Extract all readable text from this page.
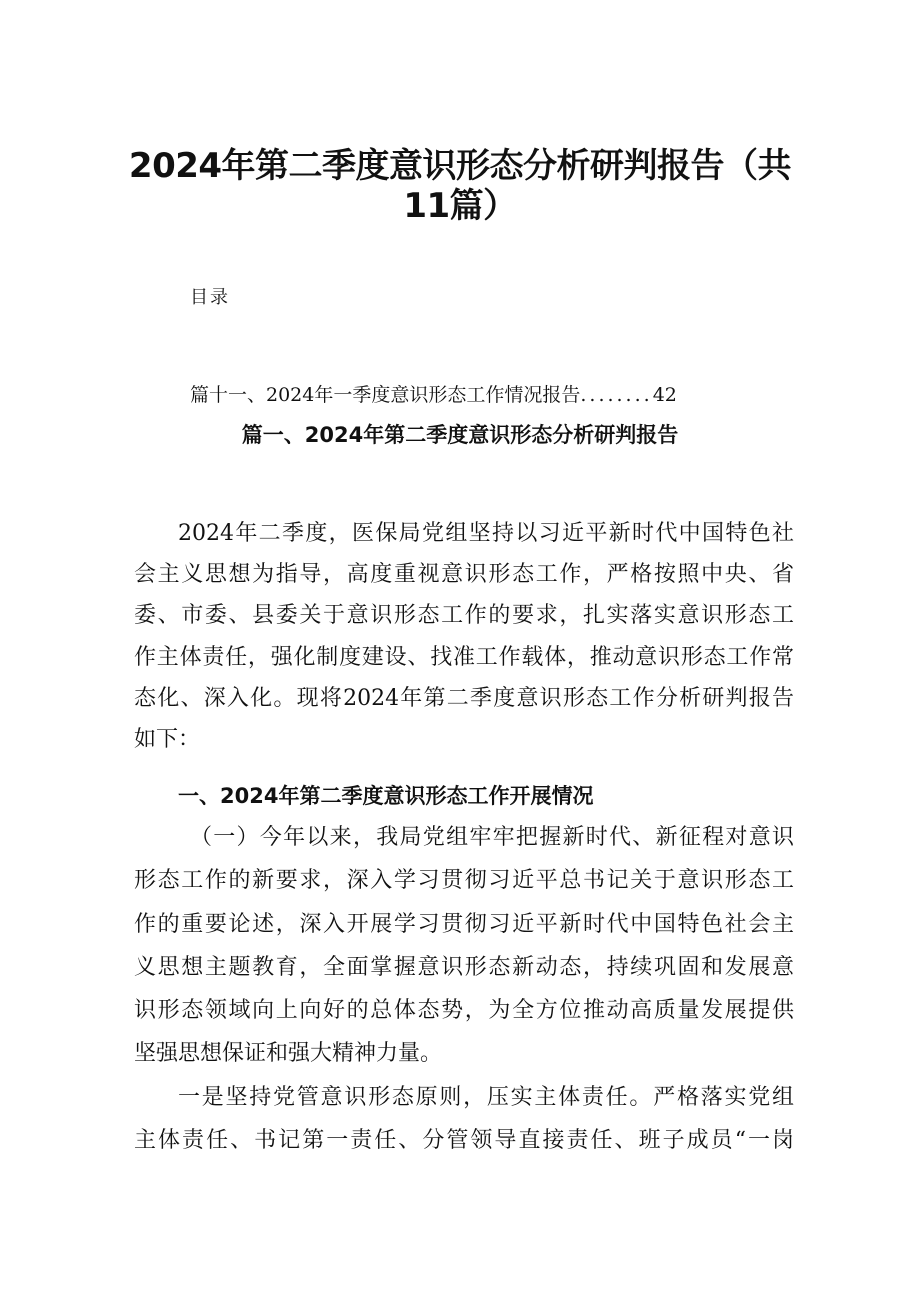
2024年第二季度意识形态分析研判报告（共
11篇）
目录
篇十一、2024年一季度意识形态工作情况报告........42
篇一、2024年第二季度意识形态分析研判报告
2024年二季度，医保局党组坚持以习近平新时代中国特色社
会主义思想为指导，高度重视意识形态工作，严格按照中央、省
委、市委、县委关于意识形态工作的要求，扎实落实意识形态工
作主体责任，强化制度建设、找准工作载体，推动意识形态工作常
态化、深入化。现将2024年第二季度意识形态工作分析研判报告
如下：
一、2024年第二季度意识形态工作开展情况
（一）今年以来，我局党组牢牢把握新时代、新征程对意识
形态工作的新要求，深入学习贯彻习近平总书记关于意识形态工
作的重要论述，深入开展学习贯彻习近平新时代中国特色社会主
义思想主题教育，全面掌握意识形态新动态，持续巩固和发展意
识形态领域向上向好的总体态势，为全方位推动高质量发展提供
坚强思想保证和强大精神力量。
一是坚持党管意识形态原则，压实主体责任。严格落实党组
主体责任、书记第一责任、分管领导直接责任、班子成员“一岗
